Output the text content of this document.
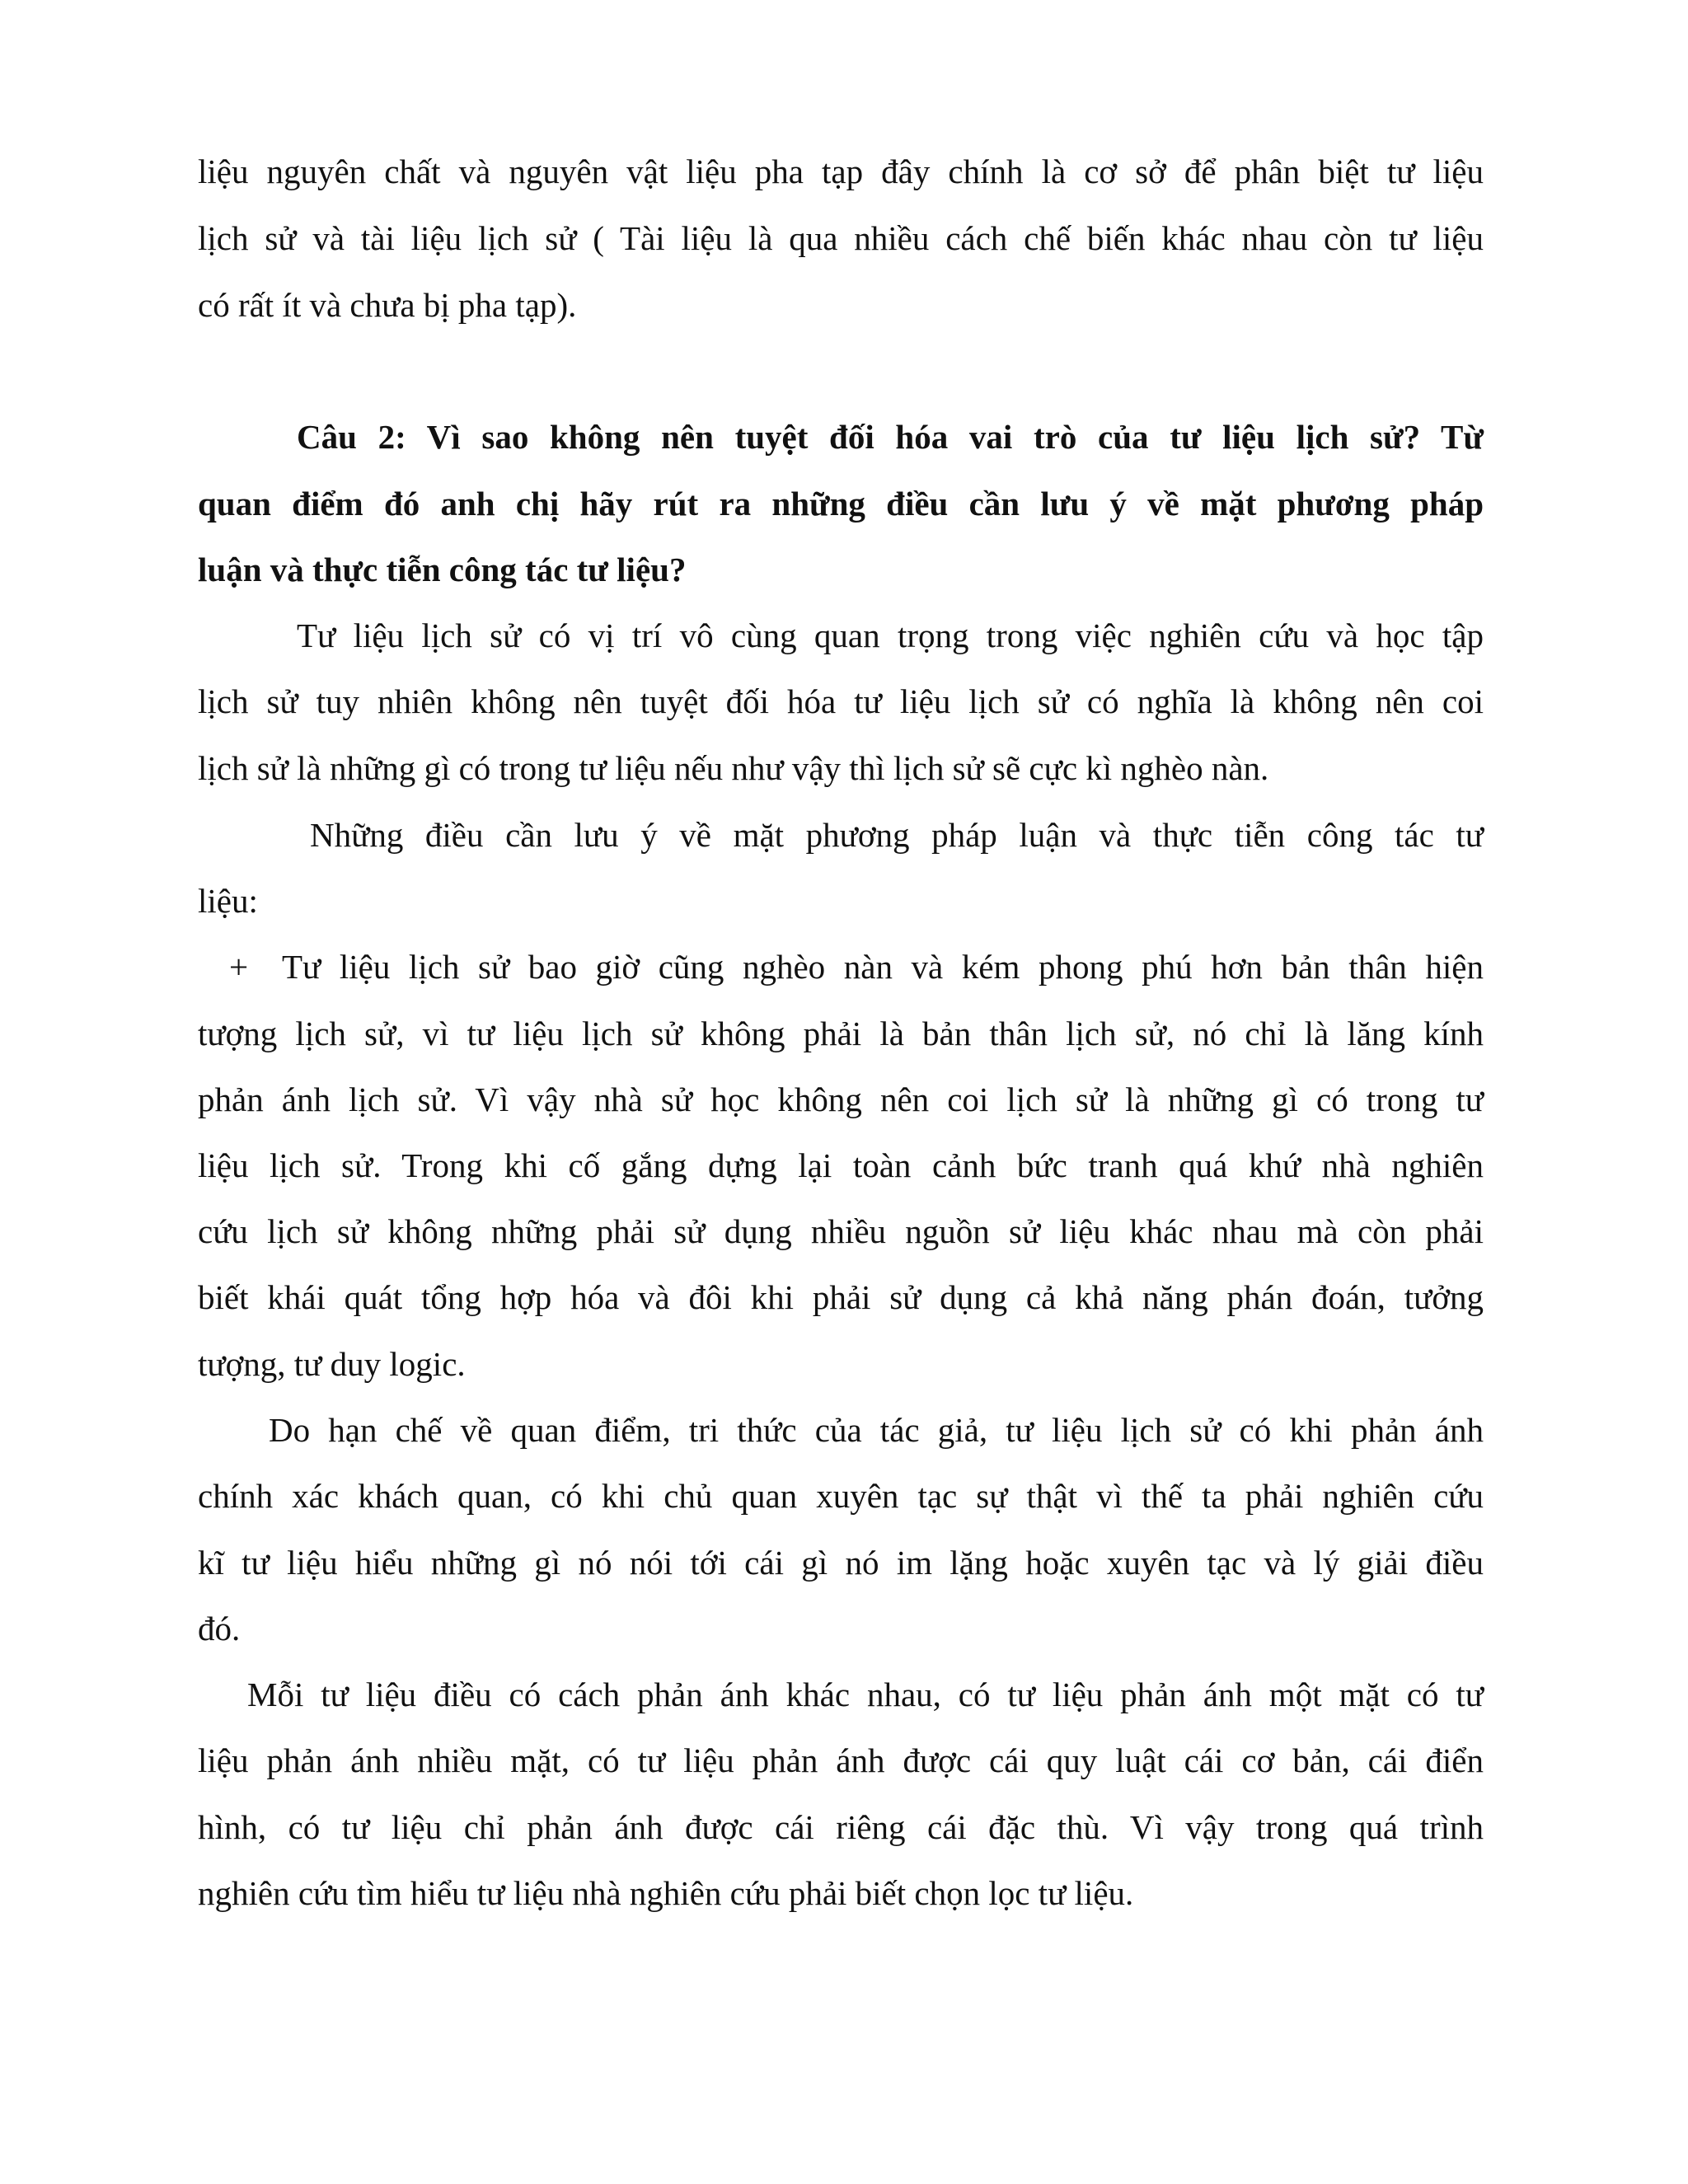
liệu nguyên chất và nguyên vật liệu pha tạp đây chính là cơ sở để phân biệt tư liệu
lịch sử và tài liệu lịch sử ( Tài liệu là qua nhiều cách chế biến khác nhau còn tư liệu
có rất ít và chưa bị pha tạp).
Câu 2: Vì sao không nên tuyệt đối hóa vai trò của tư liệu lịch sử? Từ
quan điểm đó anh chị hãy rút ra những điều cần lưu ý về mặt phương pháp
luận và thực tiễn công tác tư liệu?
Tư liệu lịch sử có vị trí vô cùng quan trọng trong việc nghiên cứu và học tập
lịch sử tuy nhiên không nên tuyệt đối hóa tư liệu lịch sử có nghĩa là không nên coi
lịch sử là những gì có trong tư liệu nếu như vậy thì lịch sử sẽ cực kì nghèo nàn.
Những điều cần lưu ý về mặt phương pháp luận và thực tiễn công tác tư
liệu:
+ Tư liệu lịch sử bao giờ cũng nghèo nàn và kém phong phú hơn bản thân hiện
tượng lịch sử, vì tư liệu lịch sử không phải là bản thân lịch sử, nó chỉ là lăng kính
phản ánh lịch sử. Vì vậy nhà sử học không nên coi lịch sử là những gì có trong tư
liệu lịch sử. Trong khi cố gắng dựng lại toàn cảnh bức tranh quá khứ nhà nghiên
cứu lịch sử không những phải sử dụng nhiều nguồn sử liệu khác nhau mà còn phải
biết khái quát tổng hợp hóa và đôi khi phải sử dụng cả khả năng phán đoán, tưởng
tượng, tư duy logic.
Do hạn chế về quan điểm, tri thức của tác giả, tư liệu lịch sử có khi phản ánh
chính xác khách quan, có khi chủ quan xuyên tạc sự thật vì thế ta phải nghiên cứu
kĩ tư liệu hiểu những gì nó nói tới cái gì nó im lặng hoặc xuyên tạc và lý giải điều
đó.
Mỗi tư liệu điều có cách phản ánh khác nhau, có tư liệu phản ánh một mặt có tư
liệu phản ánh nhiều mặt, có tư liệu phản ánh được cái quy luật cái cơ bản, cái điển
hình, có tư liệu chỉ phản ánh được cái riêng cái đặc thù. Vì vậy trong quá trình
nghiên cứu tìm hiểu tư liệu nhà nghiên cứu phải biết chọn lọc tư liệu.
